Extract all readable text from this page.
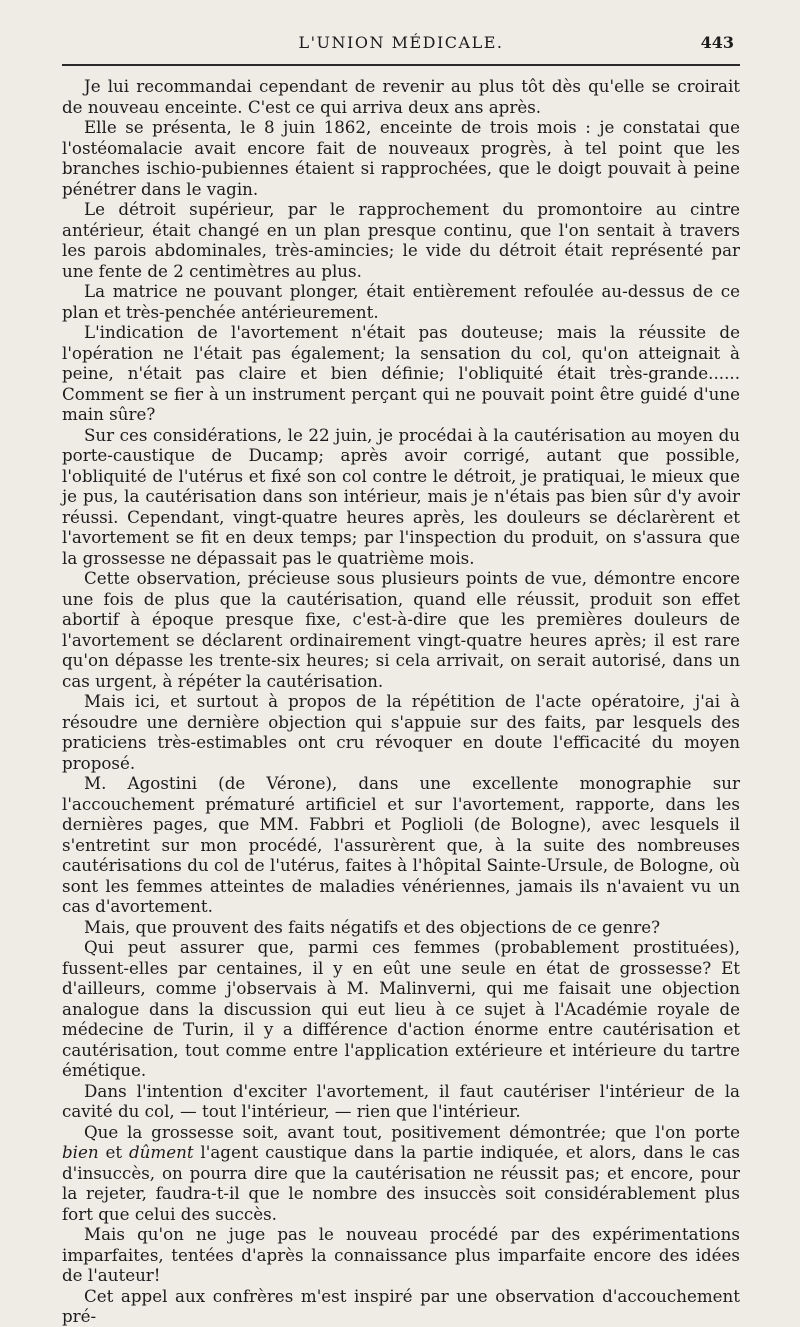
L'UNION MÉDICALE.	443

Je lui recommandai cependant de revenir au plus tôt dès qu'elle se croirait de nouveau enceinte. C'est ce qui arriva deux ans après.

Elle se présenta, le 8 juin 1862, enceinte de trois mois : je constatai que l'ostéomalacie avait encore fait de nouveaux progrès, à tel point que les branches ischio-pubiennes étaient si rapprochées, que le doigt pouvait à peine pénétrer dans le vagin.

Le détroit supérieur, par le rapprochement du promontoire au cintre antérieur, était changé en un plan presque continu, que l'on sentait à travers les parois abdominales, très-amincies; le vide du détroit était représenté par une fente de 2 centimètres au plus.

La matrice ne pouvant plonger, était entièrement refoulée au-dessus de ce plan et très-penchée antérieurement.

L'indication de l'avortement n'était pas douteuse; mais la réussite de l'opération ne l'était pas également; la sensation du col, qu'on atteignait à peine, n'était pas claire et bien définie; l'obliquité était très-grande...... Comment se fier à un instrument perçant qui ne pouvait point être guidé d'une main sûre?

Sur ces considérations, le 22 juin, je procédai à la cautérisation au moyen du porte-caustique de Ducamp; après avoir corrigé, autant que possible, l'obliquité de l'utérus et fixé son col contre le détroit, je pratiquai, le mieux que je pus, la cautérisation dans son intérieur, mais je n'étais pas bien sûr d'y avoir réussi. Cependant, vingt-quatre heures après, les douleurs se déclarèrent et l'avortement se fit en deux temps; par l'inspection du produit, on s'assura que la grossesse ne dépassait pas le quatrième mois.

Cette observation, précieuse sous plusieurs points de vue, démontre encore une fois de plus que la cautérisation, quand elle réussit, produit son effet abortif à époque presque fixe, c'est-à-dire que les premières douleurs de l'avortement se déclarent ordinairement vingt-quatre heures après; il est rare qu'on dépasse les trente-six heures; si cela arrivait, on serait autorisé, dans un cas urgent, à répéter la cautérisation.

Mais ici, et surtout à propos de la répétition de l'acte opératoire, j'ai à résoudre une dernière objection qui s'appuie sur des faits, par lesquels des praticiens très-estimables ont cru révoquer en doute l'efficacité du moyen proposé.

M. Agostini (de Vérone), dans une excellente monographie sur l'accouchement prématuré artificiel et sur l'avortement, rapporte, dans les dernières pages, que MM. Fabbri et Poglioli (de Bologne), avec lesquels il s'entretint sur mon procédé, l'assurèrent que, à la suite des nombreuses cautérisations du col de l'utérus, faites à l'hôpital Sainte-Ursule, de Bologne, où sont les femmes atteintes de maladies vénériennes, jamais ils n'avaient vu un cas d'avortement.

Mais, que prouvent des faits négatifs et des objections de ce genre?

Qui peut assurer que, parmi ces femmes (probablement prostituées), fussent-elles par centaines, il y en eût une seule en état de grossesse? Et d'ailleurs, comme j'observais à M. Malinverni, qui me faisait une objection analogue dans la discussion qui eut lieu à ce sujet à l'Académie royale de médecine de Turin, il y a différence d'action énorme entre cautérisation et cautérisation, tout comme entre l'application extérieure et intérieure du tartre émétique.

Dans l'intention d'exciter l'avortement, il faut cautériser l'intérieur de la cavité du col, — tout l'intérieur, — rien que l'intérieur.

Que la grossesse soit, avant tout, positivement démontrée; que l'on porte bien et dûment l'agent caustique dans la partie indiquée, et alors, dans le cas d'insuccès, on pourra dire que la cautérisation ne réussit pas; et encore, pour la rejeter, faudra-t-il que le nombre des insuccès soit considérablement plus fort que celui des succès.

Mais qu'on ne juge pas le nouveau procédé par des expérimentations imparfaites, tentées d'après la connaissance plus imparfaite encore des idées de l'auteur!

Cet appel aux confrères m'est inspiré par une observation d'accouchement pré-
